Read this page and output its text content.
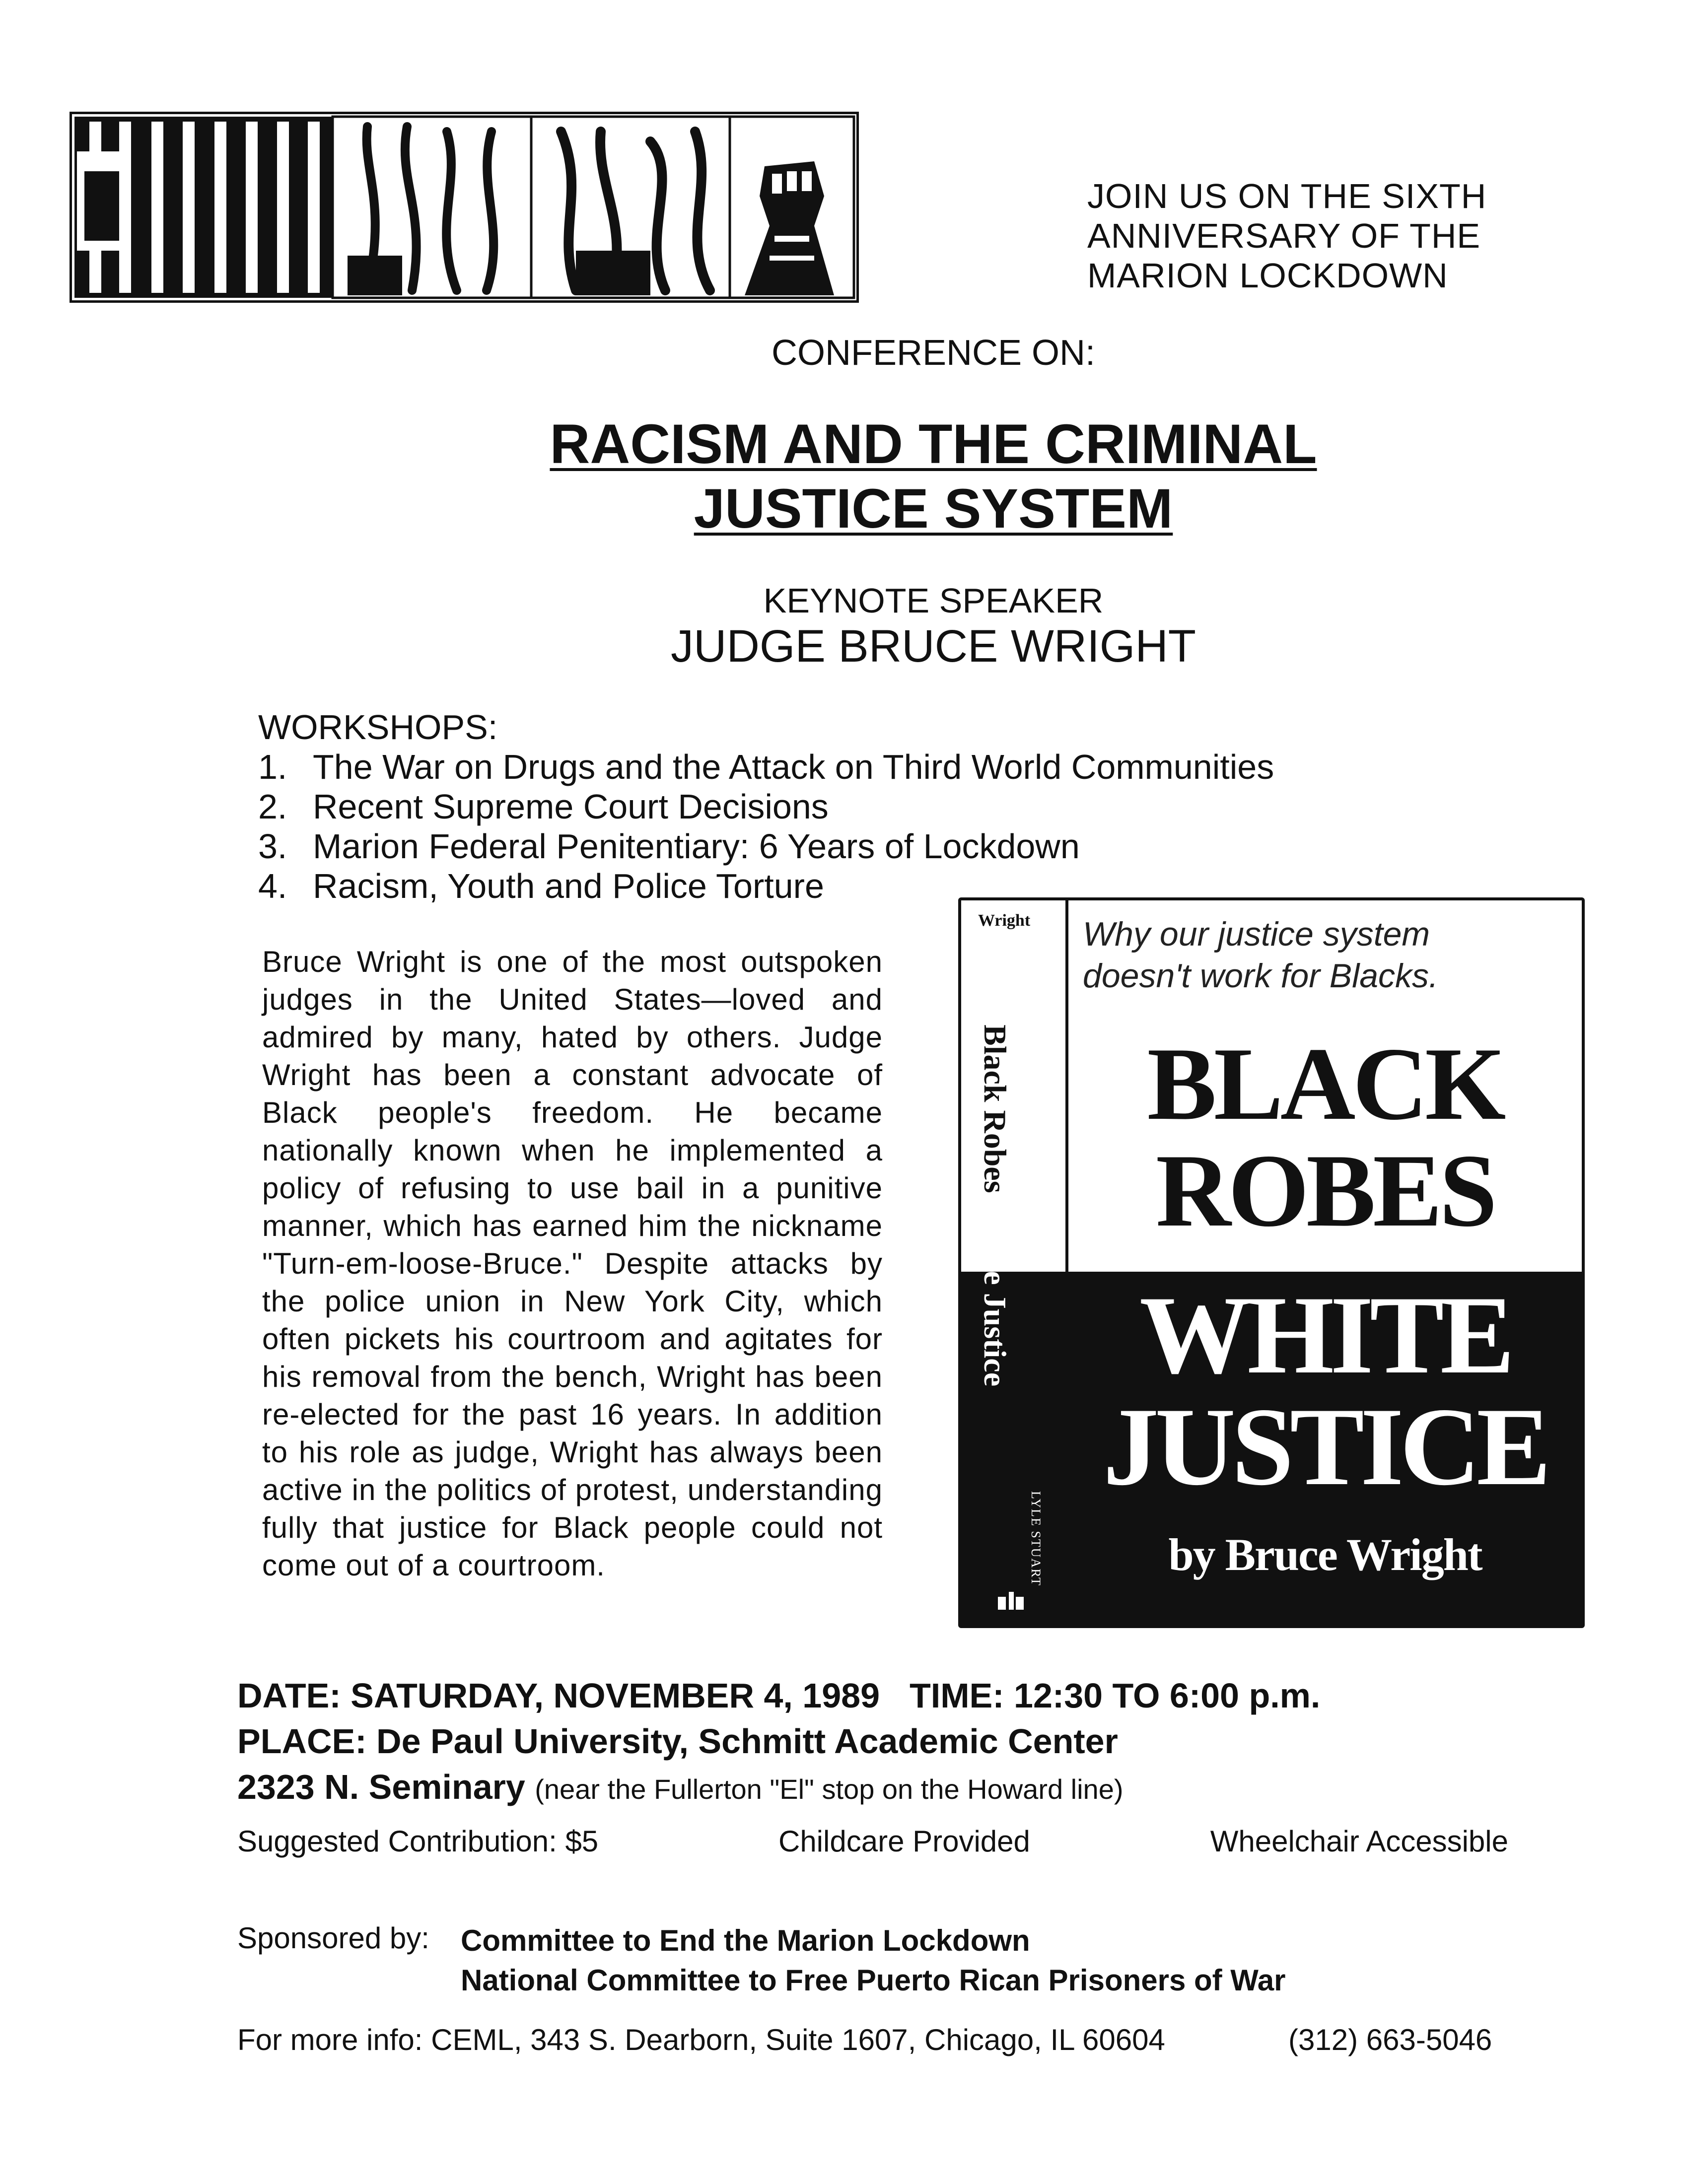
JOIN US ON THE SIXTH
ANNIVERSARY OF THE
MARION LOCKDOWN
CONFERENCE ON:
RACISM AND THE CRIMINAL
JUSTICE SYSTEM
KEYNOTE SPEAKER
JUDGE BRUCE WRIGHT
WORKSHOPS:
1. The War on Drugs and the Attack on Third World Communities
2. Recent Supreme Court Decisions
3. Marion Federal Penitentiary: 6 Years of Lockdown
4. Racism, Youth and Police Torture
Bruce Wright is one of the most outspoken judges in the United States—loved and admired by many, hated by others. Judge Wright has been a constant advocate of Black people's freedom. He became nationally known when he implemented a policy of refusing to use bail in a punitive manner, which has earned him the nickname "Turn-em-loose-Bruce." Despite attacks by the police union in New York City, which often pickets his courtroom and agitates for his removal from the bench, Wright has been re-elected for the past 16 years. In addition to his role as judge, Wright has always been active in the politics of protest, understanding fully that justice for Black people could not come out of a courtroom.
Wright
Black RobesWhite Justice
LYLE STUART
Why our justice system
doesn't work for Blacks.
BLACK
ROBES
WHITE
JUSTICE
by Bruce Wright
DATE: SATURDAY, NOVEMBER 4, 1989 TIME: 12:30 TO 6:00 p.m.
PLACE: De Paul University, Schmitt Academic Center
2323 N. Seminary (near the Fullerton "El" stop on the Howard line)
Suggested Contribution: $5	Childcare Provided	Wheelchair Accessible
Sponsored by: Committee to End the Marion Lockdown
National Committee to Free Puerto Rican Prisoners of War
For more info: CEML, 343 S. Dearborn, Suite 1607, Chicago, IL 60604	(312) 663-5046
